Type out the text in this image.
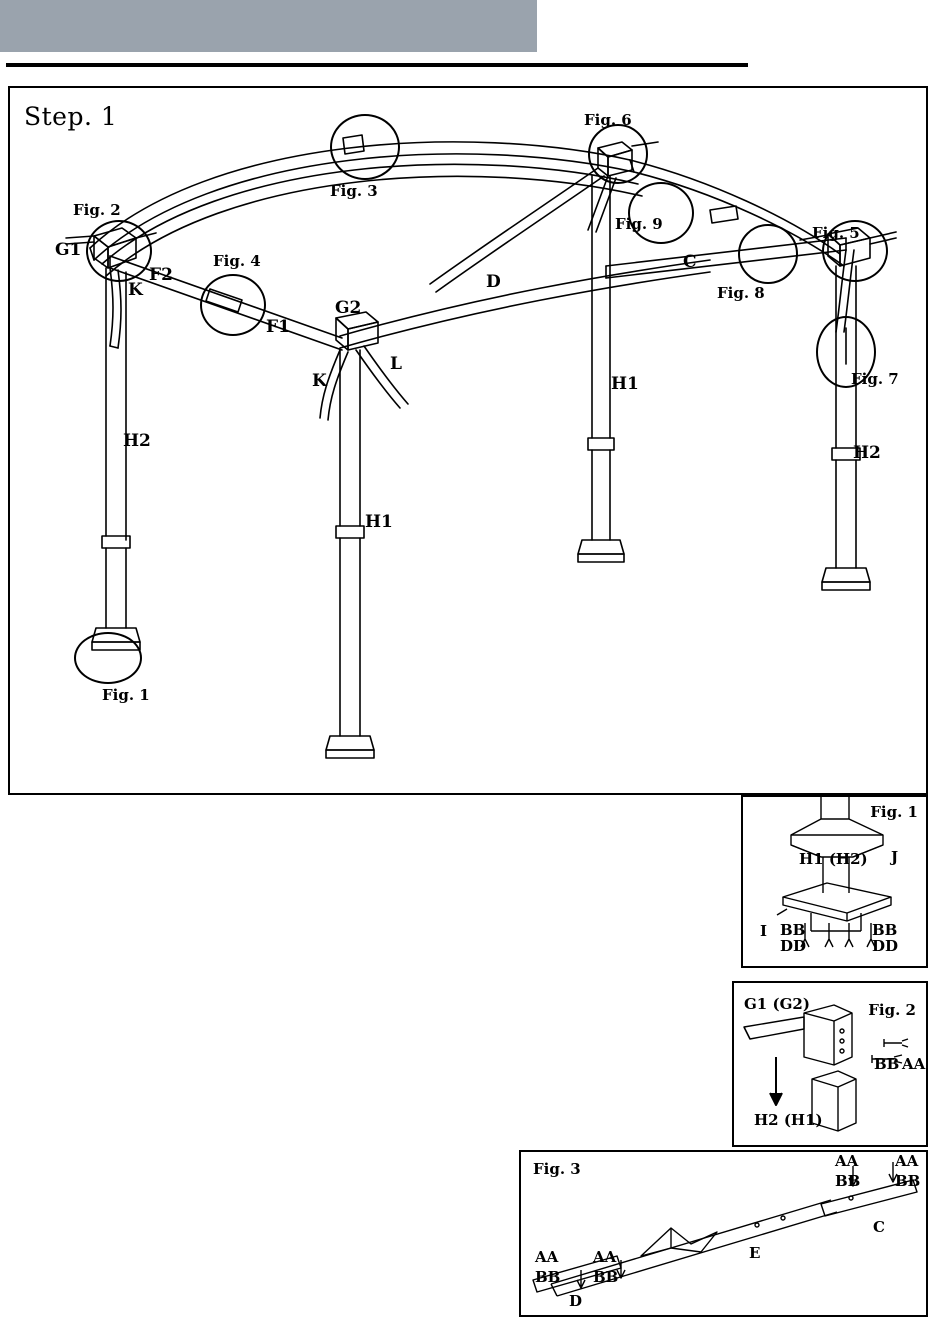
Step. 1
Fig. 1
Fig. 2
Fig. 3
Fig. 4
Fig. 5
Fig. 6
Fig. 7
Fig. 8
Fig. 9
G1
G2
K
K
F1
F2
L
C
D
H1
H1
H2
H2
Fig. 1
H1 (H2) J
I BB
DD
BB
DD
Fig. 2
G1 (G2)
BB AA
H2 (H1)
Fig. 3	AA
BB
AA
BB
AA
BB
AA
BB
E
C
D
